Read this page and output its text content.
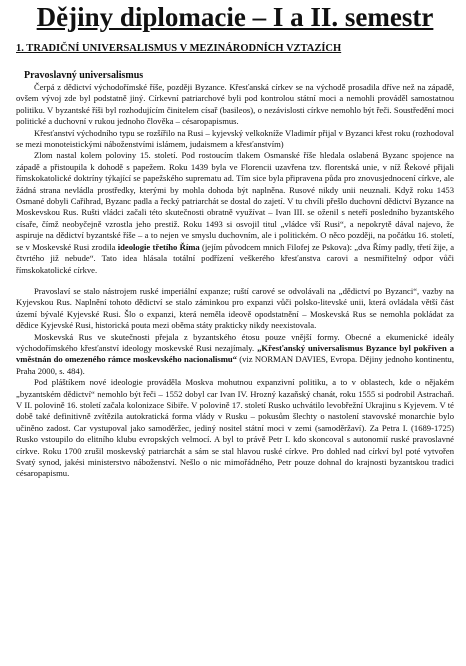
Dějiny diplomacie – I a II. semestr
1. TRADIČNÍ UNIVERSALISMUS V MEZINÁRODNÍCH VZTAZÍCH
Pravoslavný universalismus

Čerpá z dědictví východořímské říše, později Byzance. Křesťanská církev se na východě prosadila dříve než na západě, ovšem vývoj zde byl podstatně jiný. Církevní patriarchové byli pod kontrolou státní moci a nemohli prováděl samostatnou politiku. V byzantské říši byl rozhodujícím činitelem císař (basileos), o nezávislosti církve nemohlo být řeči. Soustředění moci politické a duchovní v rukou jednoho člověka – césaropapismus.

Křesťanství východního typu se rozšířilo na Rusi – kyjevský velkokníže Vladimír přijal v Byzanci křest roku (rozhodoval se mezi monoteistickými náboženstvími islámem, judaismem a křesťanstvím)

Zlom nastal kolem poloviny 15. století. Pod rostoucím tlakem Osmanské říše hledala oslabená Byzanc spojence na západě a přistoupila k dohodě s papežem. Roku 1439 byla ve Florencii uzavřena tzv. florentská unie, v níž Řekové přijali římskokatolické doktríny týkající se papežského suprematu ad. Tím sice byla připravena půda pro znovusjednocení církve, ale žádná strana nevládla prostředky, kterými by mohla dohoda být naplněna. Rusové nikdy unii neuznali. Když roku 1453 Osmané dobyli Cařihrad, Byzanc padla a řecký patriarchát se dostal do zajetí. V tu chvíli přešlo duchovní dědictví Byzance na Moskevskou Rus. Rušti vládci začali této skutečnosti obratně využívat – Ivan III. se oženil s neteří posledního byzantského císaře, čímž neobyčejně vzrostla jeho prestiž. Roku 1493 si osvojil titul „vládce vší Rusi“, a nepokrytě dával najevo, že aspiruje na dědictví byzantské říše – a to nejen ve smyslu duchovním, ale i politickém. O něco později, na počátku 16. století, se v Moskevské Rusi zrodila ideologie třetího Říma (jejím původcem mnich Filofej ze Pskova): „dva Římy padly, třetí žije, a čtvrtého již nebude“. Tato idea hlásala totální podřízení veškerého křesťanstva carovi a nesmiřitelný odpor vůči římskokatolické církve.

Pravoslaví se stalo nástrojem ruské imperiální expanze; ruští carové se odvolávali na „dědictví po Byzanci“, vazby na Kyjevskou Rus. Naplnění tohoto dědictví se stalo záminkou pro expanzi vůči polsko-litevské unii, která ovládala větší část území bývalé Kyjevské Rusi. Šlo o expanzi, která neměla ideově opodstatnění – Moskevská Rus se nemohla pokládat za dědice Kyjevské Rusi, historická pouta mezi oběma státy prakticky nikdy neexistovala.

Moskevská Rus ve skutečnosti přejala z byzantského étosu pouze vnější formy. Obecné a ekumenické ideály východořímského křesťanství ideology moskevské Rusi nezajímaly. „Křesťanský universalismus Byzance byl pokřiven a vměstnán do omezeného rámce moskevského nacionalismu“ (viz NORMAN DAVIES, Evropa. Dějiny jednoho kontinentu, Praha 2000, s. 484).

Pod pláštíkem nové ideologie prováděla Moskva mohutnou expanzivní politiku, a to v oblastech, kde o nějakém „byzantském dědictví“ nemohlo být řeči – 1552 dobyl car Ivan IV. Hrozný kazaňský chanát, roku 1555 si podrobil Astrachaň. V II. polovině 16. století začala kolonizace Sibiře. V polovině 17. století Rusko uchvátilo levobřežní Ukrajinu s Kyjevem. V té době také definitivně zvítězila autokratická forma vlády v Rusku – pokusům šlechty o nastolení stavovské monarchie bylo učiněno zadost. Car vystupoval jako samoděržec, jediný nositel státní moci v zemi (samoděržaví). Za Petra I. (1689-1725) Rusko vstoupilo do elitního klubu evropských velmocí. A byl to právě Petr I. kdo skoncoval s autonomií ruské pravoslavné církve. Roku 1700 zrušil moskevský patriarchát a sám se stal hlavou ruské církve. Pro dohled nad církví byl poté vytvořen Svatý synod, jakési ministerstvo náboženství. Nešlo o nic mimořádného, Petr pouze dohnal do krajnosti byzantskou tradici césaropapismu.
